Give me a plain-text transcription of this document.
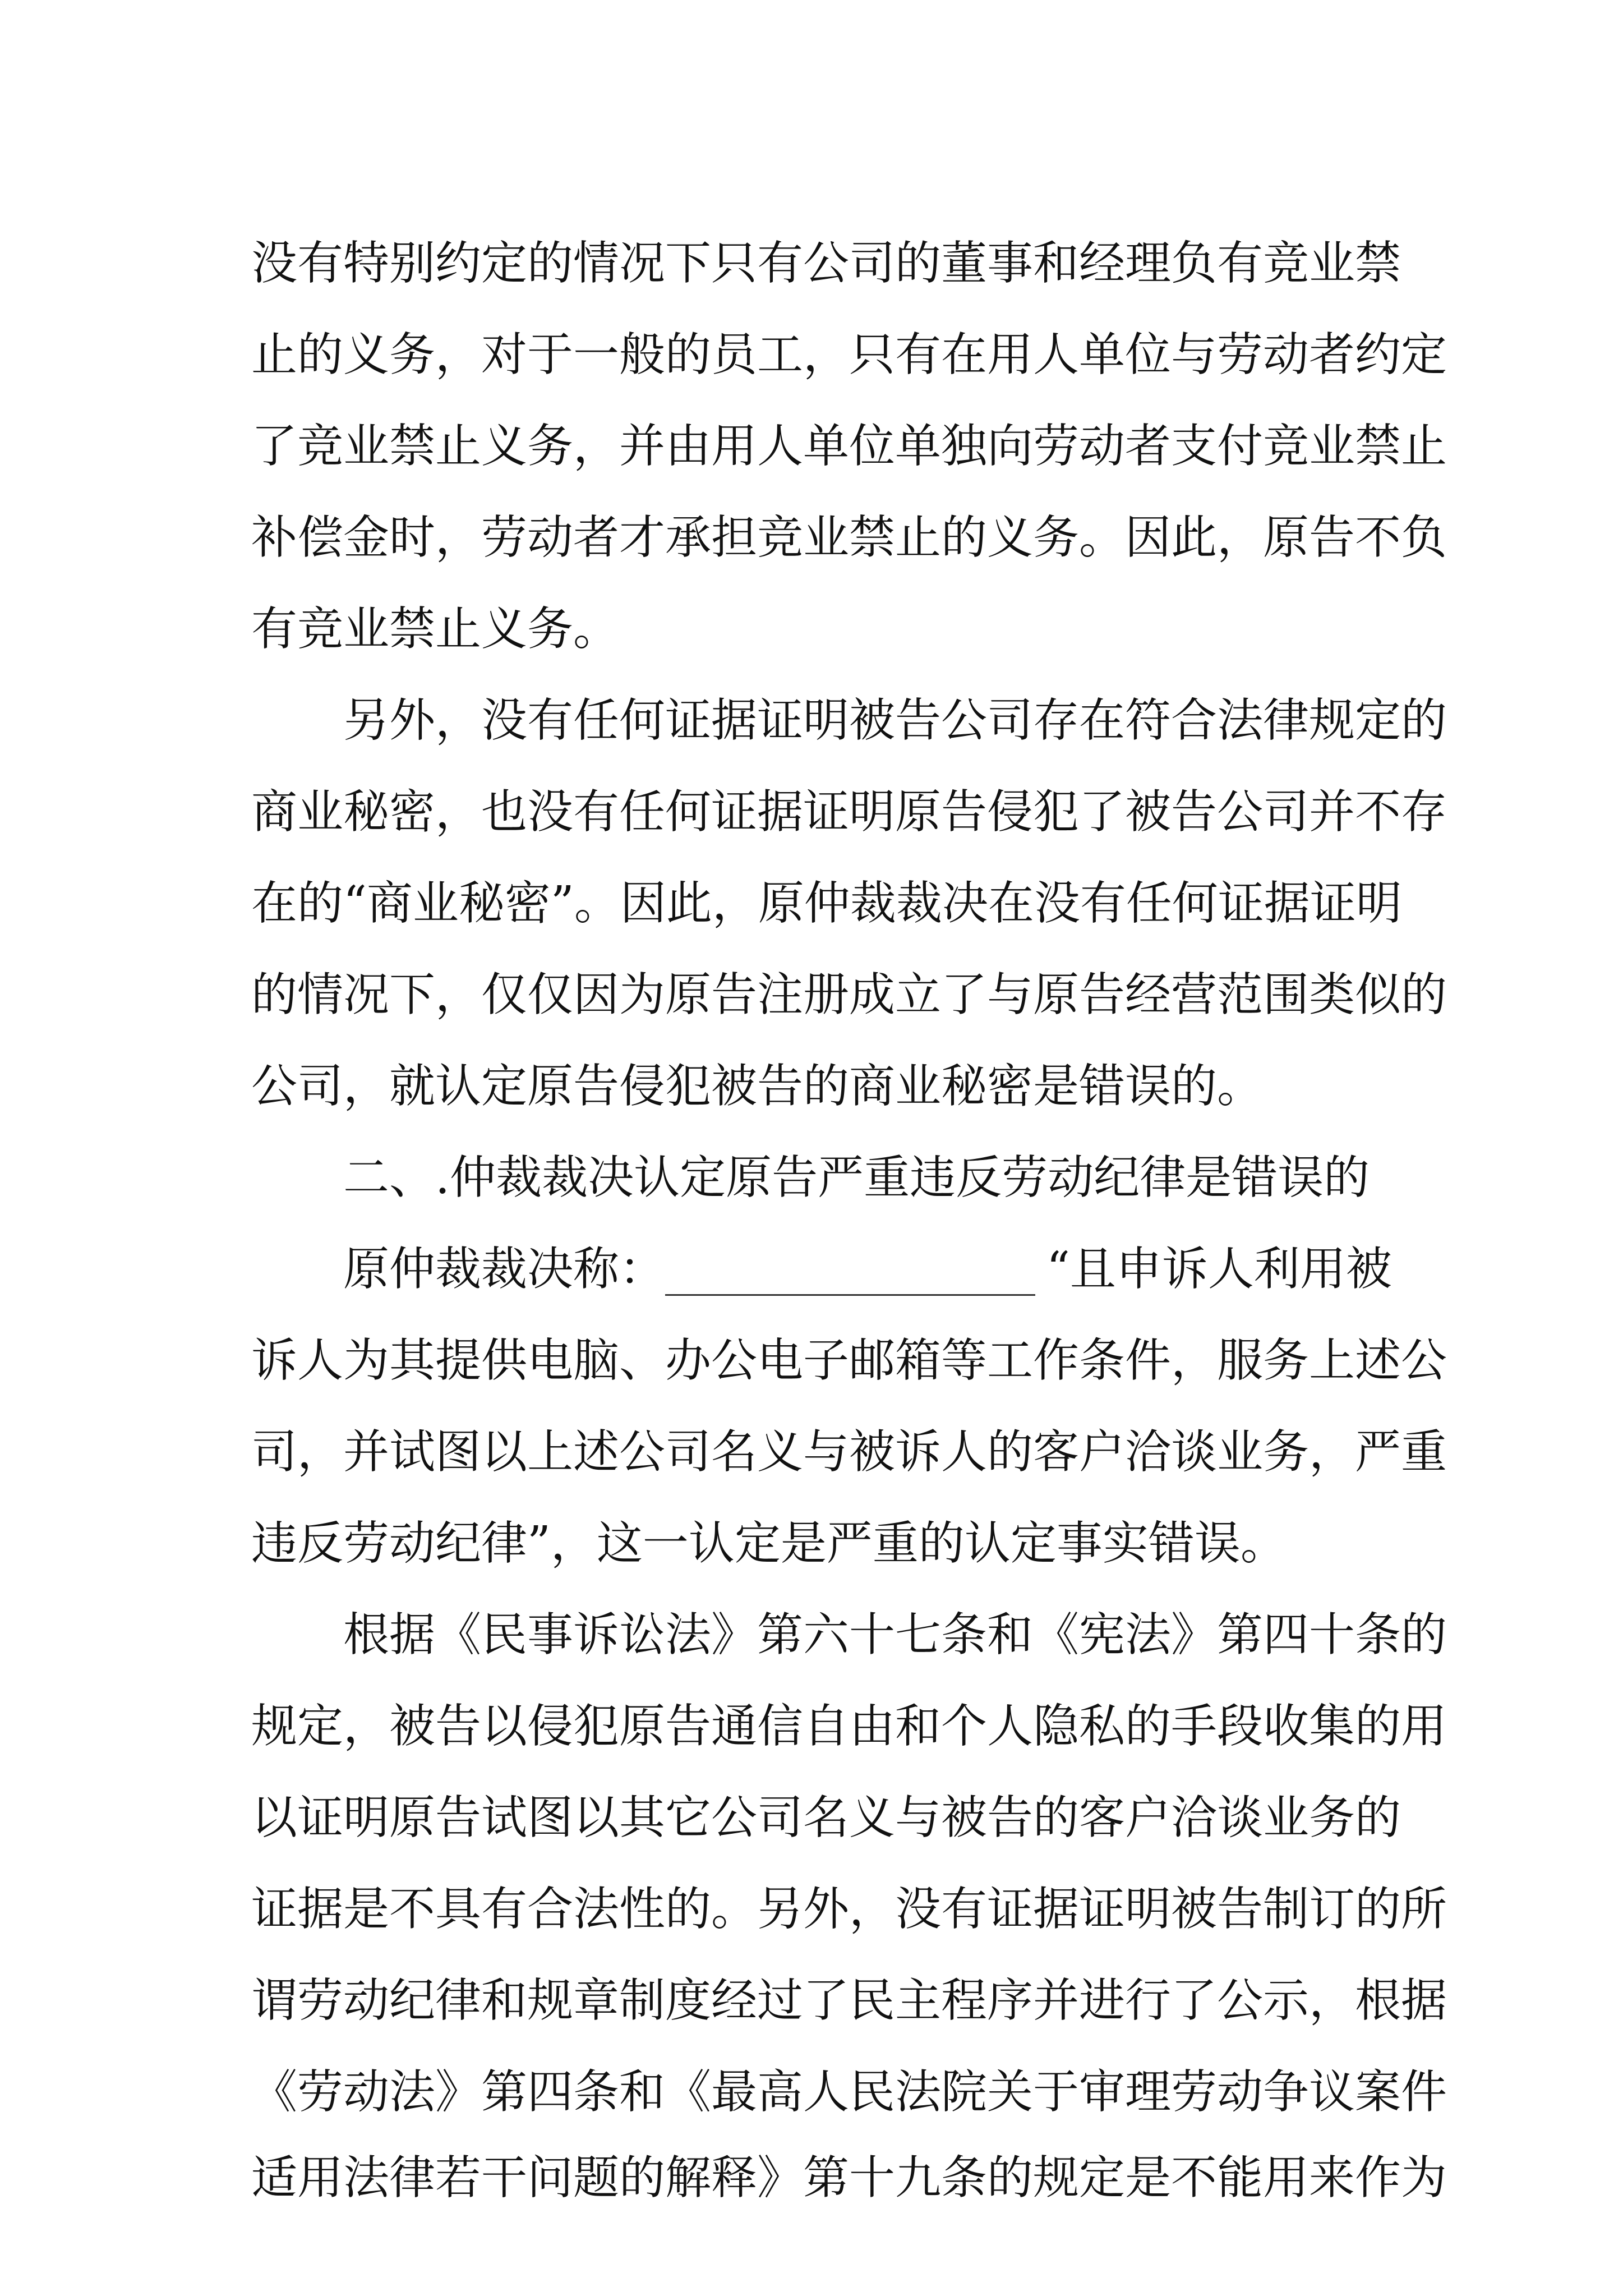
没有特别约定的情况下只有公司的董事和经理负有竞业禁
止的义务，对于一般的员工，只有在用人单位与劳动者约定
了竞业禁止义务，并由用人单位单独向劳动者支付竞业禁止
补偿金时，劳动者才承担竞业禁止的义务。因此，原告不负
有竞业禁止义务。
另外，没有任何证据证明被告公司存在符合法律规定的
商业秘密，也没有任何证据证明原告侵犯了被告公司并不存
在的“商业秘密”。因此，原仲裁裁决在没有任何证据证明
的情况下，仅仅因为原告注册成立了与原告经营范围类似的
公司，就认定原告侵犯被告的商业秘密是错误的。
二、.仲裁裁决认定原告严重违反劳动纪律是错误的
原仲裁裁决称：	“且申诉人利用被
诉人为其提供电脑、办公电子邮箱等工作条件，服务上述公
司，并试图以上述公司名义与被诉人的客户洽谈业务，严重
违反劳动纪律”，这一认定是严重的认定事实错误。
根据《民事诉讼法》第六十七条和《宪法》第四十条的
规定，被告以侵犯原告通信自由和个人隐私的手段收集的用
以证明原告试图以其它公司名义与被告的客户洽谈业务的
证据是不具有合法性的。另外，没有证据证明被告制订的所
谓劳动纪律和规章制度经过了民主程序并进行了公示，根据
《劳动法》第四条和《最高人民法院关于审理劳动争议案件
适用法律若干问题的解释》第十九条的规定是不能用来作为
